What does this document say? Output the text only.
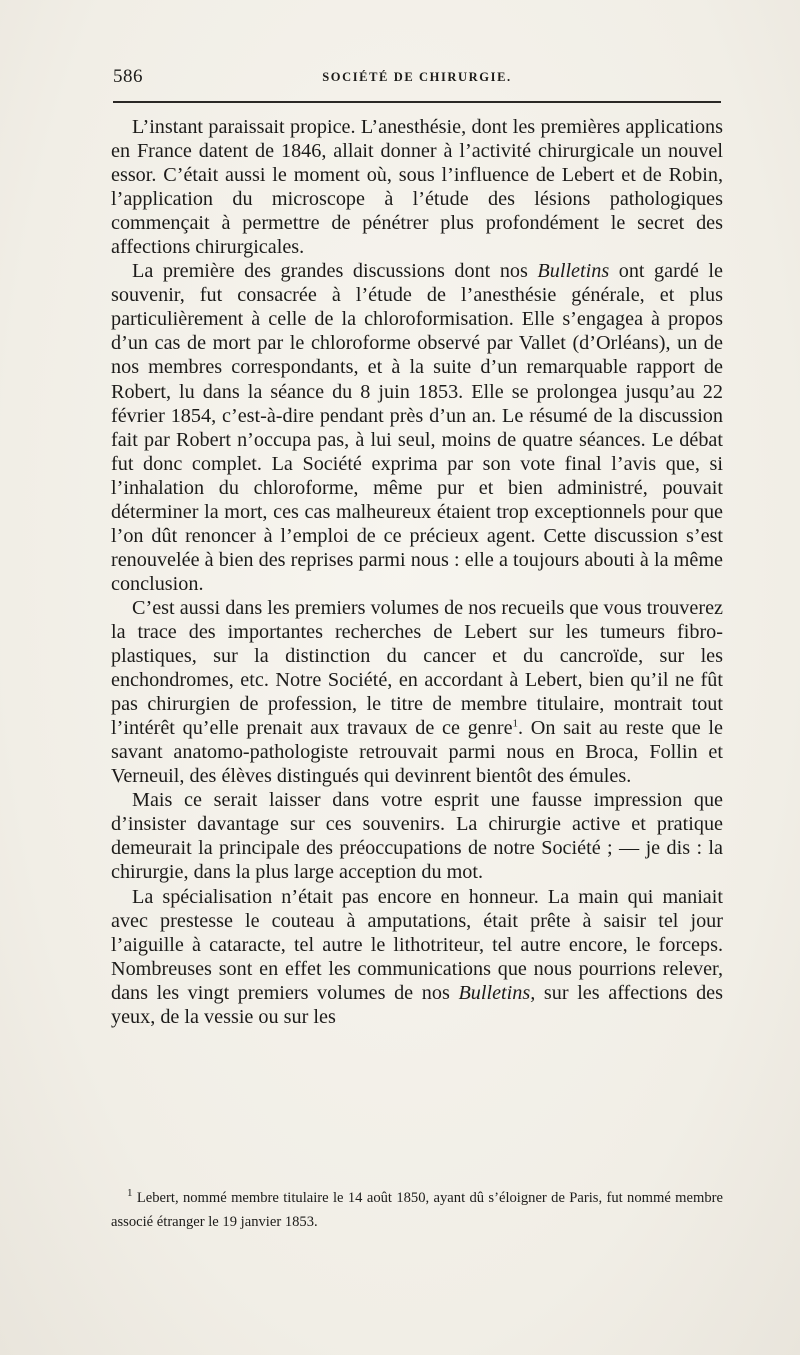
586	SOCIÉTÉ DE CHIRURGIE.

L’instant paraissait propice. L’anesthésie, dont les premières applications en France datent de 1846, allait donner à l’activité chirurgicale un nouvel essor. C’était aussi le moment où, sous l’influence de Lebert et de Robin, l’application du microscope à l’étude des lésions pathologiques commençait à permettre de pénétrer plus profondément le secret des affections chirurgicales.

La première des grandes discussions dont nos Bulletins ont gardé le souvenir, fut consacrée à l’étude de l’anesthésie générale, et plus particulièrement à celle de la chloroformisation. Elle s’engagea à propos d’un cas de mort par le chloroforme observé par Vallet (d’Orléans), un de nos membres correspondants, et à la suite d’un remarquable rapport de Robert, lu dans la séance du 8 juin 1853. Elle se prolongea jusqu’au 22 février 1854, c’est-à-dire pendant près d’un an. Le résumé de la discussion fait par Robert n’occupa pas, à lui seul, moins de quatre séances. Le débat fut donc complet. La Société exprima par son vote final l’avis que, si l’inhalation du chloroforme, même pur et bien administré, pouvait déterminer la mort, ces cas malheureux étaient trop exceptionnels pour que l’on dût renoncer à l’emploi de ce précieux agent. Cette discussion s’est renouvelée à bien des reprises parmi nous : elle a toujours abouti à la même conclusion.

C’est aussi dans les premiers volumes de nos recueils que vous trouverez la trace des importantes recherches de Lebert sur les tumeurs fibro-plastiques, sur la distinction du cancer et du cancroïde, sur les enchondromes, etc. Notre Société, en accordant à Lebert, bien qu’il ne fût pas chirurgien de profession, le titre de membre titulaire, montrait tout l’intérêt qu’elle prenait aux travaux de ce genre$^1$. On sait au reste que le savant anatomo-pathologiste retrouvait parmi nous en Broca, Follin et Verneuil, des élèves distingués qui devinrent bientôt des émules.

Mais ce serait laisser dans votre esprit une fausse impression que d’insister davantage sur ces souvenirs. La chirurgie active et pratique demeurait la principale des préoccupations de notre Société ; — je dis : la chirurgie, dans la plus large acception du mot.

La spécialisation n’était pas encore en honneur. La main qui maniait avec prestesse le couteau à amputations, était prête à saisir tel jour l’aiguille à cataracte, tel autre le lithotriteur, tel autre encore, le forceps. Nombreuses sont en effet les communications que nous pourrions relever, dans les vingt premiers volumes de nos Bulletins, sur les affections des yeux, de la vessie ou sur les

$^1$ Lebert, nommé membre titulaire le 14 août 1850, ayant dû s’éloigner de Paris, fut nommé membre associé étranger le 19 janvier 1853.
